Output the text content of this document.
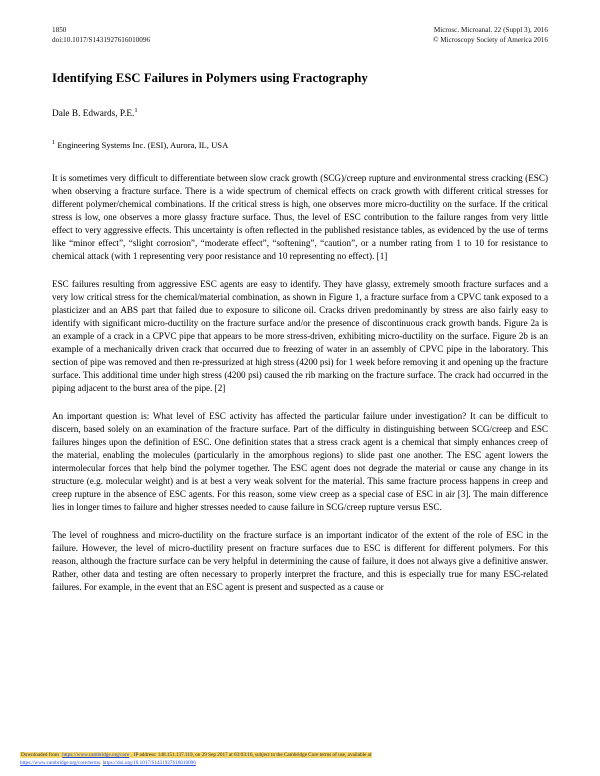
1850
doi:10.1017/S1431927616010096
Microsc. Microanal. 22 (Suppl 3), 2016
© Microscopy Society of America 2016
Identifying ESC Failures in Polymers using Fractography
Dale B. Edwards, P.E.$^1$
$^1$ Engineering Systems Inc. (ESI), Aurora, IL, USA

It is sometimes very difficult to differentiate between slow crack growth (SCG)/creep rupture and environmental stress cracking (ESC) when observing a fracture surface. There is a wide spectrum of chemical effects on crack growth with different critical stresses for different polymer/chemical combinations. If the critical stress is high, one observes more micro-ductility on the surface. If the critical stress is low, one observes a more glassy fracture surface. Thus, the level of ESC contribution to the failure ranges from very little effect to very aggressive effects. This uncertainty is often reflected in the published resistance tables, as evidenced by the use of terms like “minor effect”, “slight corrosion”, “moderate effect”, “softening”, “caution”, or a number rating from 1 to 10 for resistance to chemical attack (with 1 representing very poor resistance and 10 representing no effect). [1]

ESC failures resulting from aggressive ESC agents are easy to identify. They have glassy, extremely smooth fracture surfaces and a very low critical stress for the chemical/material combination, as shown in Figure 1, a fracture surface from a CPVC tank exposed to a plasticizer and an ABS part that failed due to exposure to silicone oil. Cracks driven predominantly by stress are also fairly easy to identify with significant micro-ductility on the fracture surface and/or the presence of discontinuous crack growth bands. Figure 2a is an example of a crack in a CPVC pipe that appears to be more stress-driven, exhibiting micro-ductility on the surface. Figure 2b is an example of a mechanically driven crack that occurred due to freezing of water in an assembly of CPVC pipe in the laboratory. This section of pipe was removed and then re-pressurized at high stress (4200 psi) for 1 week before removing it and opening up the fracture surface. This additional time under high stress (4200 psi) caused the rib marking on the fracture surface. The crack had occurred in the piping adjacent to the burst area of the pipe. [2]

An important question is: What level of ESC activity has affected the particular failure under investigation? It can be difficult to discern, based solely on an examination of the fracture surface. Part of the difficulty in distinguishing between SCG/creep and ESC failures hinges upon the definition of ESC. One definition states that a stress crack agent is a chemical that simply enhances creep of the material, enabling the molecules (particularly in the amorphous regions) to slide past one another. The ESC agent lowers the intermolecular forces that help bind the polymer together. The ESC agent does not degrade the material or cause any change in its structure (e.g. molecular weight) and is at best a very weak solvent for the material. This same fracture process happens in creep and creep rupture in the absence of ESC agents. For this reason, some view creep as a special case of ESC in air [3]. The main difference lies in longer times to failure and higher stresses needed to cause failure in SCG/creep rupture versus ESC.

The level of roughness and micro-ductility on the fracture surface is an important indicator of the extent of the role of ESC in the failure. However, the level of micro-ductility present on fracture surfaces due to ESC is different for different polymers. For this reason, although the fracture surface can be very helpful in determining the cause of failure, it does not always give a definitive answer. Rather, other data and testing are often necessary to properly interpret the fracture, and this is especially true for many ESC-related failures. For example, in the event that an ESC agent is present and suspected as a cause or

Downloaded from https://www.cambridge.org/core . IP address: 148.151.137.119, on 29 Sep 2017 at 03:03:16, subject to the Cambridge Core terms of use, available at
https://www.cambridge.org/core/terms. https://doi.org/10.1017/S1431927616010096
